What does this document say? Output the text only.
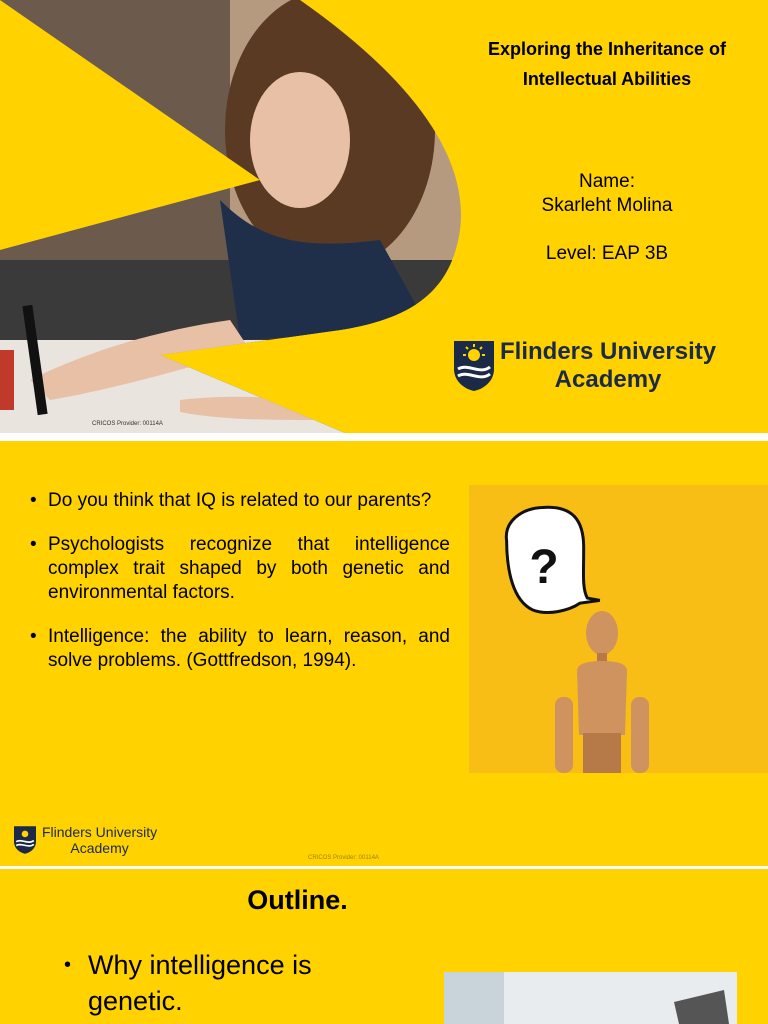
Exploring the Inheritance of Intellectual Abilities
Name:
Skarleht Molina
Level: EAP 3B
Flinders University
Academy
CRICOS Provider: 00114A
• Do you think that IQ is related to our parents?
• Psychologists recognize that intelligence complex trait shaped by both genetic and environmental factors.
• Intelligence: the ability to learn, reason, and solve problems. (Gottfredson, 1994).
?
Flinders University
Academy
CRICOS Provider: 00114A
Outline.
• Why intelligence is genetic.
